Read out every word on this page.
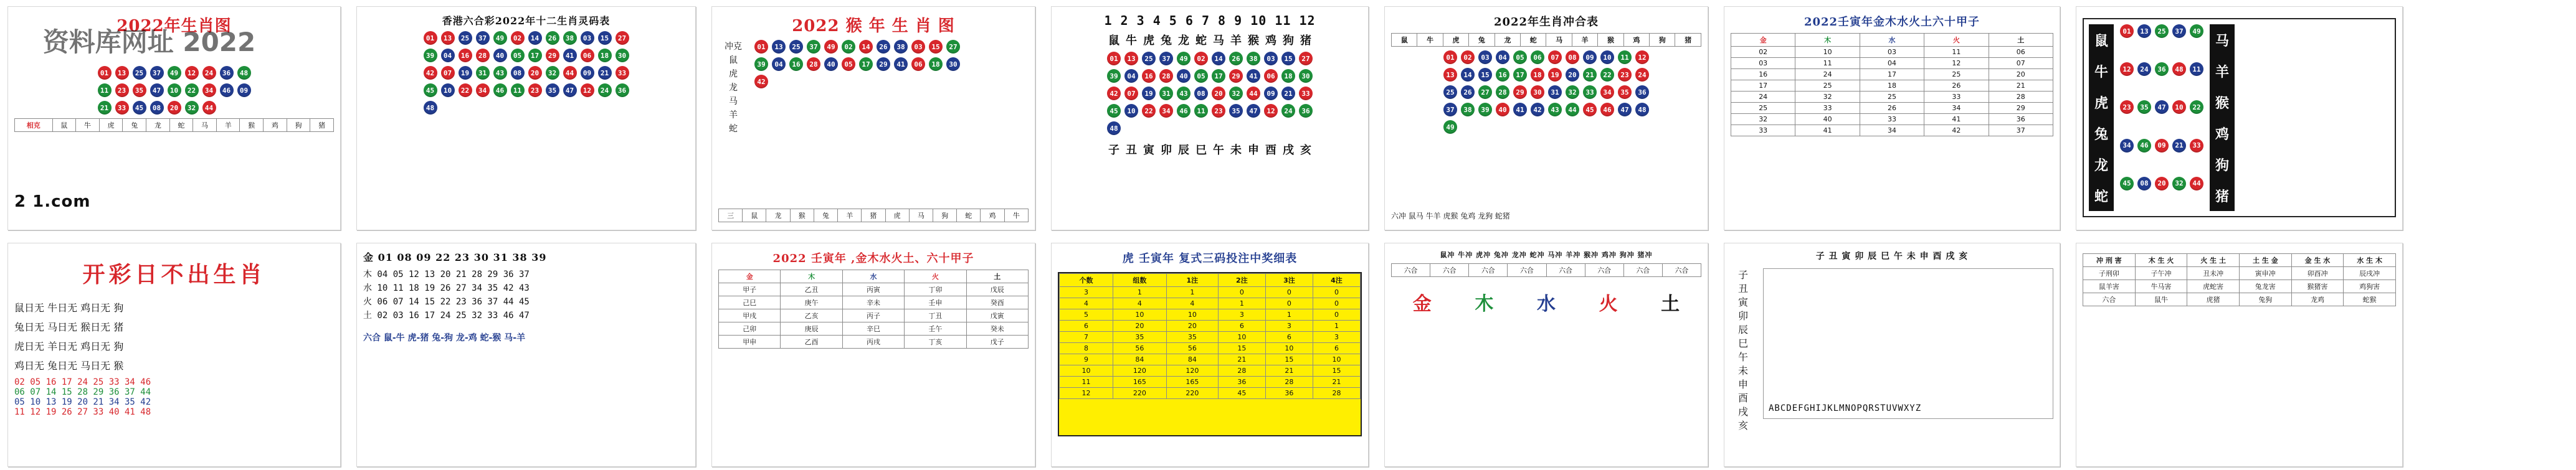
2022年生肖图
资料库网址 2022
01	13	25	37	49	12	24	36	48
11	23	35	47	10	22	34	46	09
21	33	45	08	20	32	44
相克	鼠	牛	虎	兔	龙	蛇	马	羊	猴	鸡	狗	猪
2 1.com
香港六合彩2022年十二生肖灵码表
01	13	25	37	49	02	14	26	38	03	15	27
39	04	16	28	40	05	17	29	41	06	18	30
42	07	19	31	43	08	20	32	44	09	21	33
45	10	22	34	46	11	23	35	47	12	24	36
48
2022 猴 年 生 肖 图
冲克
鼠
虎
龙
马
羊
蛇
01	13	25	37	49	02	14	26	38	03	15	27
39	04	16	28	40	05	17	29	41	06	18	30
42
三	鼠	龙	猴	兔	羊	猪	虎	马	狗	蛇	鸡	牛
1 2 3 4 5 6 7 8 9 10 11 12
鼠 牛 虎 兔 龙 蛇 马 羊 猴 鸡 狗 猪
01	13	25	37	49	02	14	26	38	03	15	27
39	04	16	28	40	05	17	29	41	06	18	30
42	07	19	31	43	08	20	32	44	09	21	33
45	10	22	34	46	11	23	35	47	12	24	36
48
子 丑 寅 卯 辰 巳 午 未 申 酉 戌 亥
2022年生肖冲合表
鼠	牛	虎	兔	龙	蛇	马	羊	猴	鸡	狗	猪
01	02	03	04	05	06	07	08	09	10	11	12
13	14	15	16	17	18	19	20	21	22	23	24
25	26	27	28	29	30	31	32	33	34	35	36
37	38	39	40	41	42	43	44	45	46	47	48
49
六冲 鼠马 牛羊 虎猴 兔鸡 龙狗 蛇猪
2022壬寅年金木水火土六十甲子
金	木	水	火	土
02	10	03	11	06
03	11	04	12	07
16	24	17	25	20
17	25	18	26	21
24	32	25	33	28
25	33	26	34	29
32	40	33	41	36
33	41	34	42	37
鼠
牛
虎
兔
龙
蛇
01	13	25	37	49
12	24	36	48	11
23	35	47	10	22
34	46	09	21	33
45	08	20	32	44
马
羊
猴
鸡
狗
猪
开彩日不出生肖
鼠日无 牛日无 鸡日无 狗
兔日无 马日无 猴日无 猪
虎日无 羊日无 鸡日无 狗
鸡日无 兔日无 马日无 猴
02 05 16 17 24 25 33 34 46
06 07 14 15 28 29 36 37 44
05 10 13 19 20 21 34 35 42
11 12 19 26 27 33 40 41 48
金 01 08 09 22 23 30 31 38 39
木 04 05 12 13 20 21 28 29 36 37
水 10 11 18 19 26 27 34 35 42 43
火 06 07 14 15 22 23 36 37 44 45
土 02 03 16 17 24 25 32 33 46 47
六合 鼠-牛 虎-猪 兔-狗 龙-鸡 蛇-猴 马-羊
2022 壬寅年 ,金木水火土、六十甲子
金	木	水	火	土
甲子	乙丑	丙寅	丁卯	戊辰
己巳	庚午	辛未	壬申	癸酉
甲戌	乙亥	丙子	丁丑	戊寅
己卯	庚辰	辛巳	壬午	癸未
甲申	乙酉	丙戌	丁亥	戊子
虎 壬寅年 复式三码投注中奖细表
个数	组数	1注	2注	3注	4注
3	1	1	0	0	0
4	4	4	1	0	0
5	10	10	3	1	0
6	20	20	6	3	1
7	35	35	10	6	3
8	56	56	15	10	6
9	84	84	21	15	10
10	120	120	28	21	15
11	165	165	36	28	21
12	220	220	45	36	28
鼠冲 牛冲 虎冲 兔冲 龙冲 蛇冲 马冲 羊冲 猴冲 鸡冲 狗冲 猪冲
六合	六合	六合	六合	六合	六合	六合	六合
金 木 水 火 土
子 丑 寅 卯 辰 巳 午 未 申 酉 戌 亥
子
丑
寅
卯
辰
巳
午
未
申
酉
戌
亥
ABCDEFGHIJKLMNOPQRSTUVWXYZ
冲 刑 害	木 生 火	火 生 土	土 生 金	金 生 水	水 生 木
子刑卯	子午冲	丑未冲	寅申冲	卯酉冲	辰戌冲
鼠羊害	牛马害	虎蛇害	兔龙害	猴猪害	鸡狗害
六合	鼠牛	虎猪	兔狗	龙鸡	蛇猴
